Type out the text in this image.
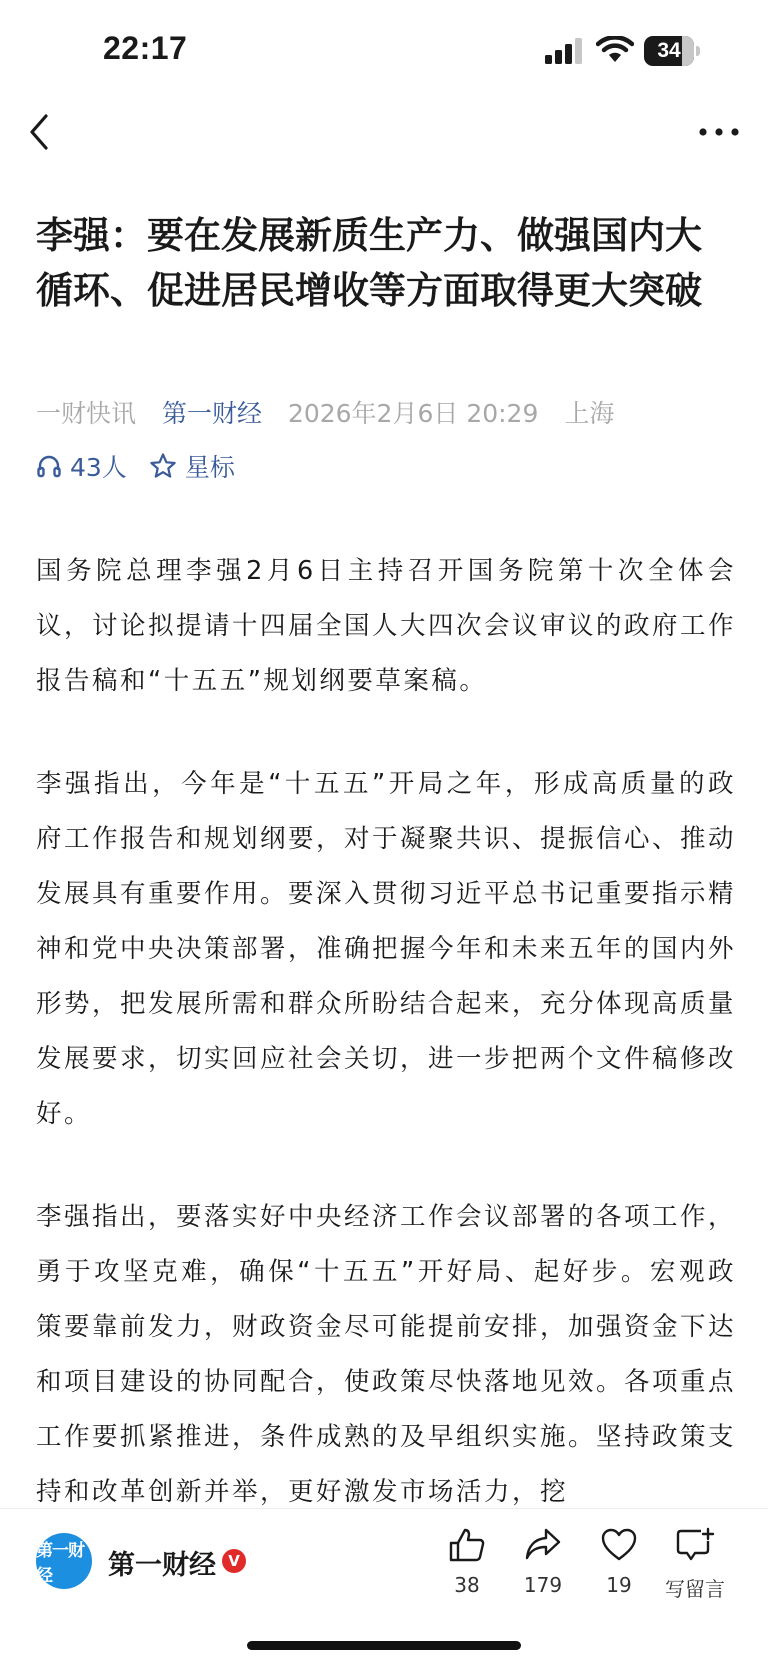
22:17	34
李强：要在发展新质生产力、做强国内大循环、促进居民增收等方面取得更大突破
一财快讯 第一财经 2026年2月6日 20:29 上海
43人 星标

国务院总理李强2月6日主持召开国务院第十次全体会议，讨论拟提请十四届全国人大四次会议审议的政府工作报告稿和“十五五”规划纲要草案稿。

李强指出，今年是“十五五”开局之年，形成高质量的政府工作报告和规划纲要，对于凝聚共识、提振信心、推动发展具有重要作用。要深入贯彻习近平总书记重要指示精神和党中央决策部署，准确把握今年和未来五年的国内外形势，把发展所需和群众所盼结合起来，充分体现高质量发展要求，切实回应社会关切，进一步把两个文件稿修改好。

李强指出，要落实好中央经济工作会议部署的各项工作，勇于攻坚克难，确保“十五五”开好局、起好步。宏观政策要靠前发力，财政资金尽可能提前安排，加强资金下达和项目建设的协同配合，使政策尽快落地见效。各项重点工作要抓紧推进，条件成熟的及早组织实施。坚持政策支持和改革创新并举，更好激发市场活力，挖

第一财经	第一财经 V
38	179	19	写留言
